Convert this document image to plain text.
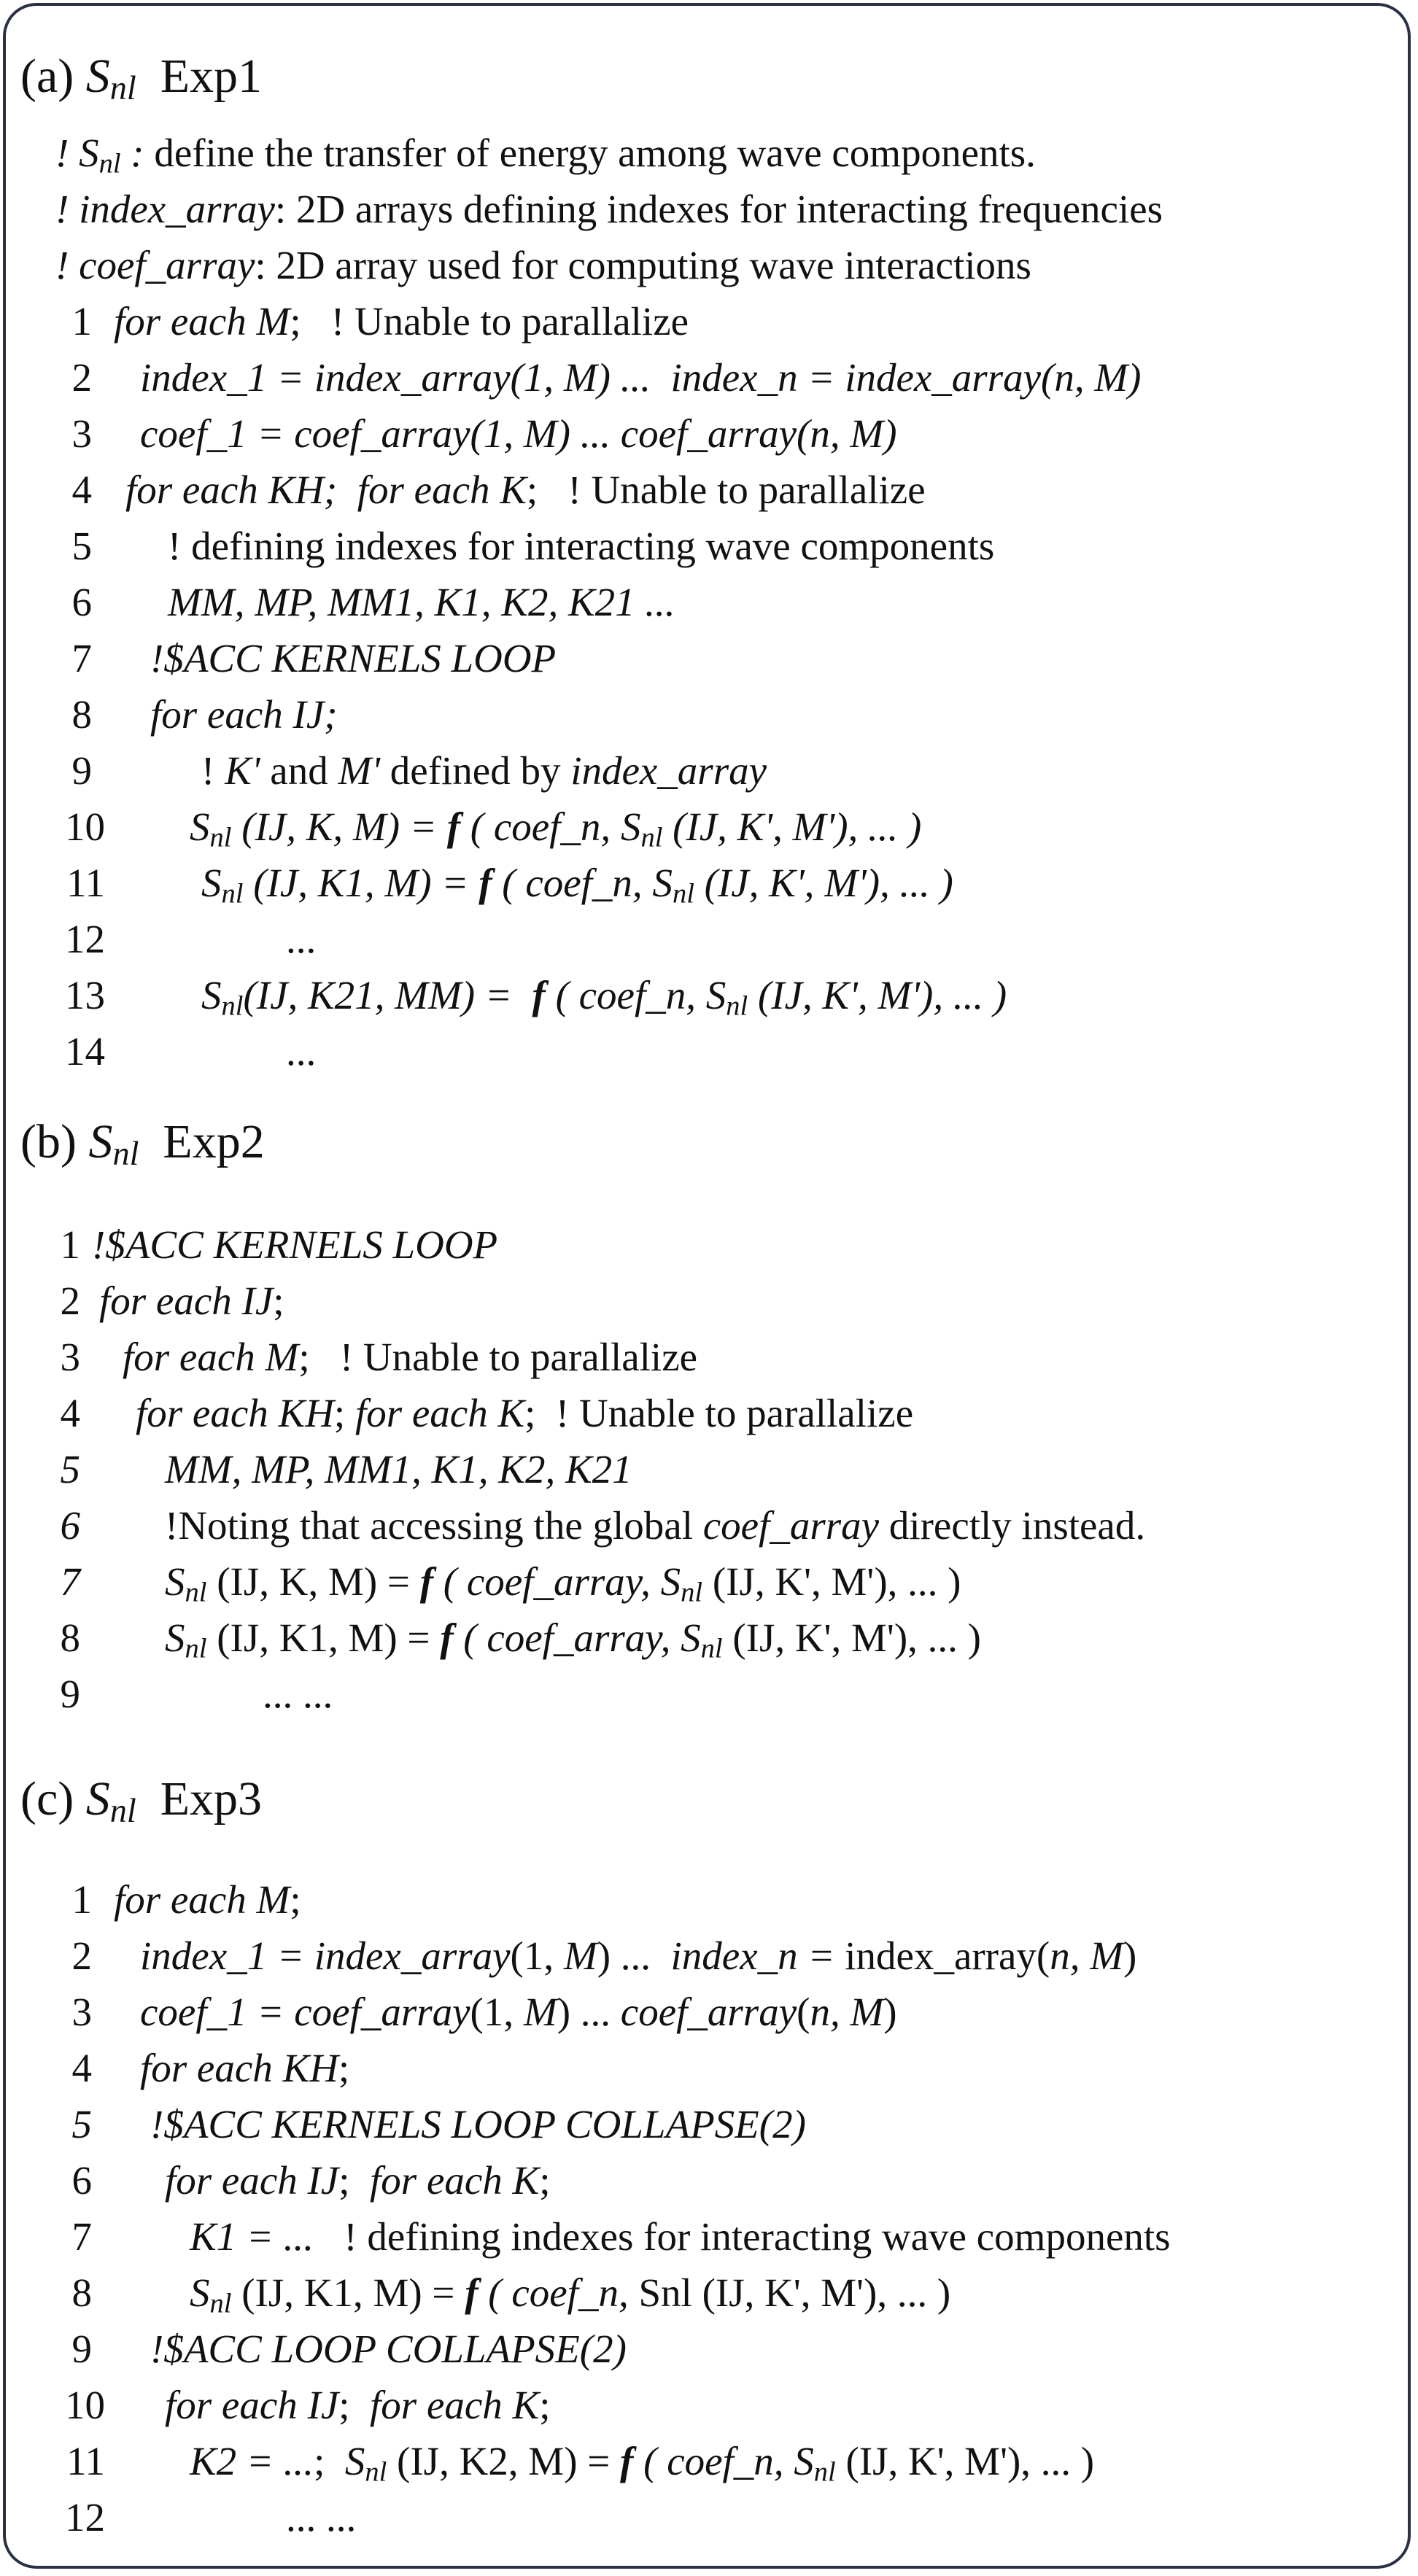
(a) $S_{nl}$ Exp1
! $S_{nl}$ : define the transfer of energy among wave components.
! index_array: 2D arrays defining indexes for interacting frequencies
! coef_array: 2D array used for computing wave interactions
1 for each M;   ! Unable to parallalize
2 index_1 = index_array(1, M) ...  index_n = index_array(n, M)
3 coef_1 = coef_array(1, M) ... coef_array(n, M)
4 for each KH;  for each K;   ! Unable to parallalize
5 ! defining indexes for interacting wave components
6 MM, MP, MM1, K1, K2, K21 ...
7 !$ACC KERNELS LOOP
8 for each IJ;
9	! K' and M' defined by index_array
10 $S_{nl}$ (IJ, K, M) = f ( coef_n, $S_{nl}$ (IJ, K', M'), ... )
11 $S_{nl}$ (IJ, K1, M) = f ( coef_n, $S_{nl}$ (IJ, K', M'), ... )
12	...
13 $S_{nl}(IJ$, K21, MM) =  f ( coef_n, $S_{nl}$ (IJ, K', M'), ... )
14	...
(b) $S_{nl}$ Exp2
1 !$ACC KERNELS LOOP
2 for each IJ;
3 for each M;   ! Unable to parallalize
4 for each KH; for each K;  ! Unable to parallalize
5 MM, MP, MM1, K1, K2, K21
6 !Noting that accessing the global coef_array directly instead.
7 $S_{nl}$ (IJ, K, M) = f ( coef_array, $S_{nl}$ (IJ, K', M'), ... )
8 $S_{nl}$ (IJ, K1, M) = f ( coef_array, $S_{nl}$ (IJ, K', M'), ... )
9	... ...
(c) $S_{nl}$ Exp3
1 for each M;
2 index_1 = index_array(1, M) ...  index_n = index_array(n, M)
3 coef_1 = coef_array(1, M) ... coef_array(n, M)
4 for each KH;
5 !$ACC KERNELS LOOP COLLAPSE(2)
6 for each IJ;  for each K;
7 K1 = ...   ! defining indexes for interacting wave components
8 $S_{nl}$ (IJ, K1, M) = f ( coef_n, Snl (IJ, K', M'), ... )
9 !$ACC LOOP COLLAPSE(2)
10 for each IJ;  for each K;
11 K2 = ...;  $S_{nl}$ (IJ, K2, M) = f ( coef_n, $S_{nl}$ (IJ, K', M'), ... )
12	... ...
